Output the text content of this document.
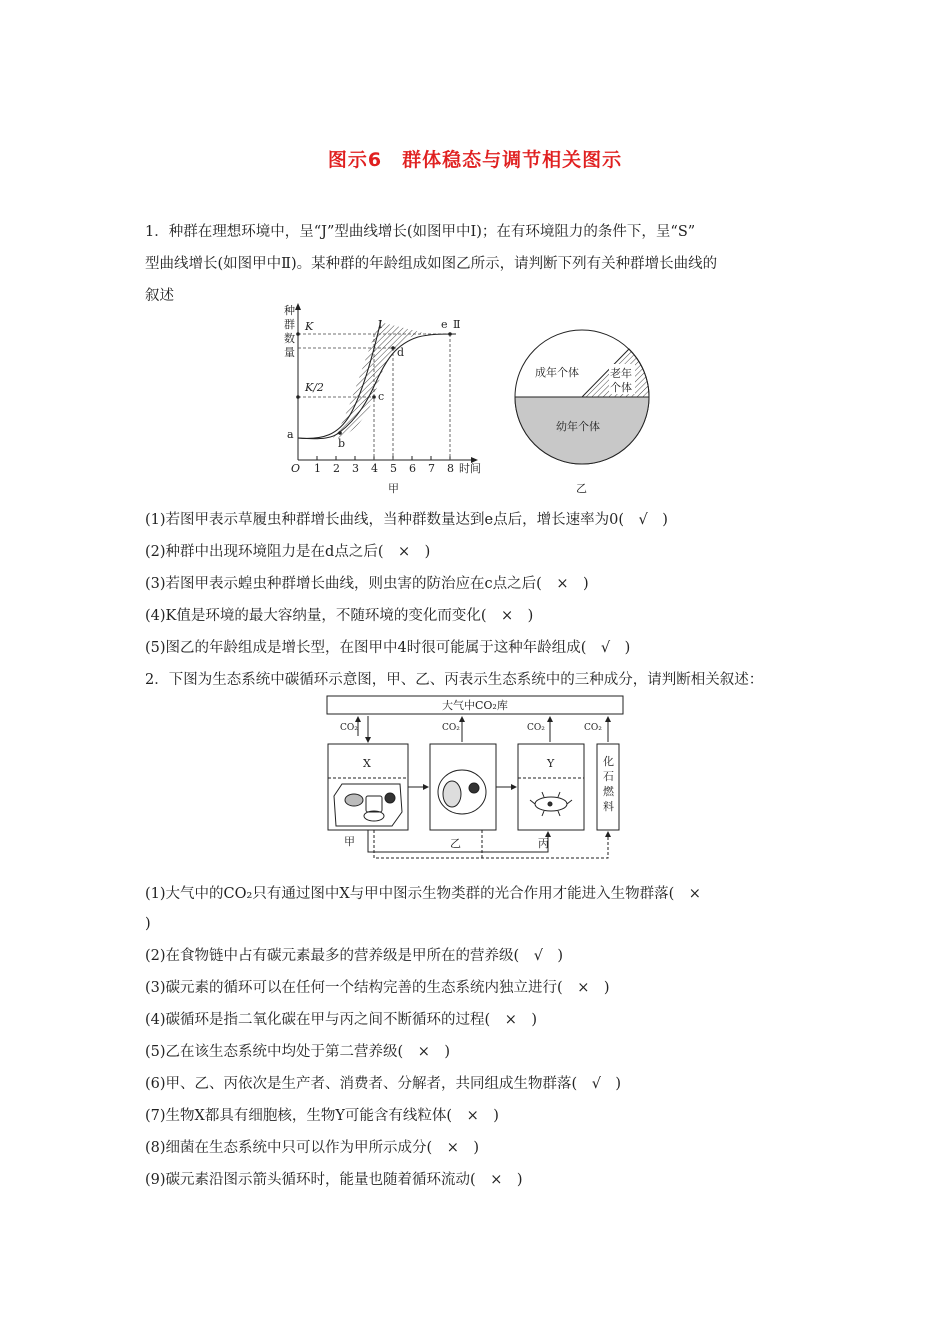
图示6　群体稳态与调节相关图示
1．种群在理想环境中，呈“J”型曲线增长(如图甲中Ⅰ)；在有环境阻力的条件下，呈“S”
型曲线增长(如图甲中Ⅱ)。某种群的年龄组成如图乙所示，请判断下列有关种群增长曲线的
叙述
种
群
数
量
O 1 2 3 4 5 6 7 8 时间
K
K/2
a
b
c
d
e
Ⅰ	Ⅱ
甲
成年个体	老年
个体
幼年个体
乙
(1)若图甲表示草履虫种群增长曲线，当种群数量达到e点后，增长速率为0(　√　)
(2)种群中出现环境阻力是在d点之后(　×　)
(3)若图甲表示蝗虫种群增长曲线，则虫害的防治应在c点之后(　×　)
(4)K值是环境的最大容纳量，不随环境的变化而变化(　×　)
(5)图乙的年龄组成是增长型，在图甲中4时很可能属于这种年龄组成(　√　)
2．下图为生态系统中碳循环示意图，甲、乙、丙表示生态系统中的三种成分，请判断相关叙述：
大气中CO₂库
X	Y	化
石
燃
料
甲	乙	丙
CO₂	CO₂	CO₂	CO₂
(1)大气中的CO₂只有通过图中X与甲中图示生物类群的光合作用才能进入生物群落(　×
)
(2)在食物链中占有碳元素最多的营养级是甲所在的营养级(　√　)
(3)碳元素的循环可以在任何一个结构完善的生态系统内独立进行(　×　)
(4)碳循环是指二氧化碳在甲与丙之间不断循环的过程(　×　)
(5)乙在该生态系统中均处于第二营养级(　×　)
(6)甲、乙、丙依次是生产者、消费者、分解者，共同组成生物群落(　√　)
(7)生物X都具有细胞核，生物Y可能含有线粒体(　×　)
(8)细菌在生态系统中只可以作为甲所示成分(　×　)
(9)碳元素沿图示箭头循环时，能量也随着循环流动(　×　)
